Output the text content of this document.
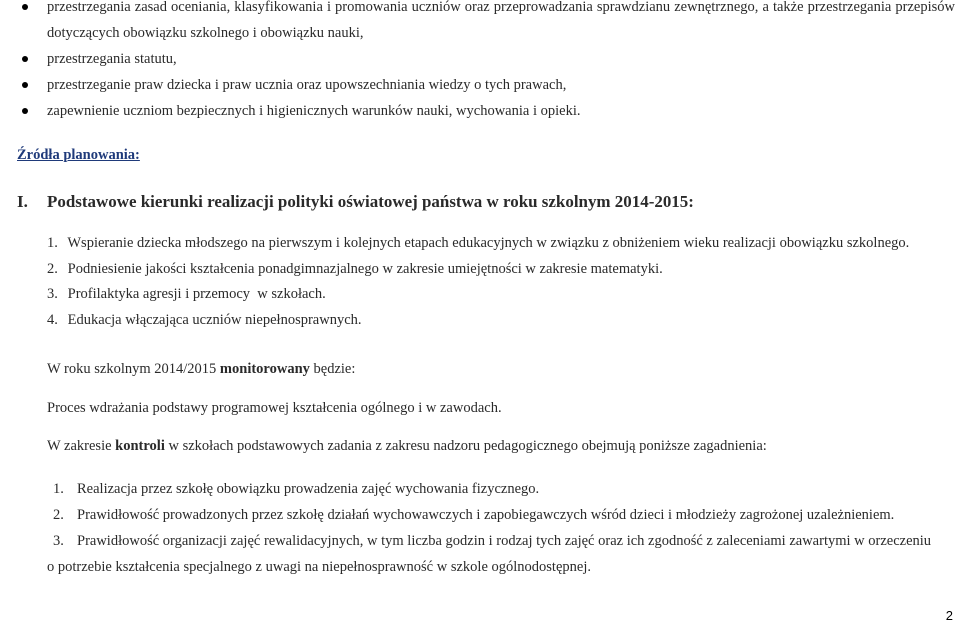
przestrzegania zasad oceniania, klasyfikowania i promowania uczniów oraz przeprowadzania sprawdzianu zewnętrznego, a także przestrzegania przepisów dotyczących obowiązku szkolnego i obowiązku nauki,
przestrzegania statutu,
przestrzeganie praw dziecka i praw ucznia oraz upowszechniania wiedzy o tych prawach,
zapewnienie uczniom bezpiecznych i higienicznych warunków nauki, wychowania i opieki.
Źródła planowania:
I. Podstawowe kierunki realizacji polityki oświatowej państwa w roku szkolnym 2014-2015:
1. Wspieranie dziecka młodszego na pierwszym i kolejnych etapach edukacyjnych w związku z obniżeniem wieku realizacji obowiązku szkolnego.
2. Podniesienie jakości kształcenia ponadgimnazjalnego w zakresie umiejętności w zakresie matematyki.
3. Profilaktyka agresji i przemocy  w szkołach.
4. Edukacja włączająca uczniów niepełnosprawnych.

W roku szkolnym 2014/2015 monitorowany będzie:

Proces wdrażania podstawy programowej kształcenia ogólnego i w zawodach.

W zakresie kontroli w szkołach podstawowych zadania z zakresu nadzoru pedagogicznego obejmują poniższe zagadnienia:

1. Realizacja przez szkołę obowiązku prowadzenia zajęć wychowania fizycznego.
2. Prawidłowość prowadzonych przez szkołę działań wychowawczych i zapobiegawczych wśród dzieci i młodzieży zagrożonej uzależnieniem.
3. Prawidłowość organizacji zajęć rewalidacyjnych, w tym liczba godzin i rodzaj tych zajęć oraz ich zgodność z zaleceniami zawartymi w orzeczeniu
o potrzebie kształcenia specjalnego z uwagi na niepełnosprawność w szkole ogólnodostępnej.
2
